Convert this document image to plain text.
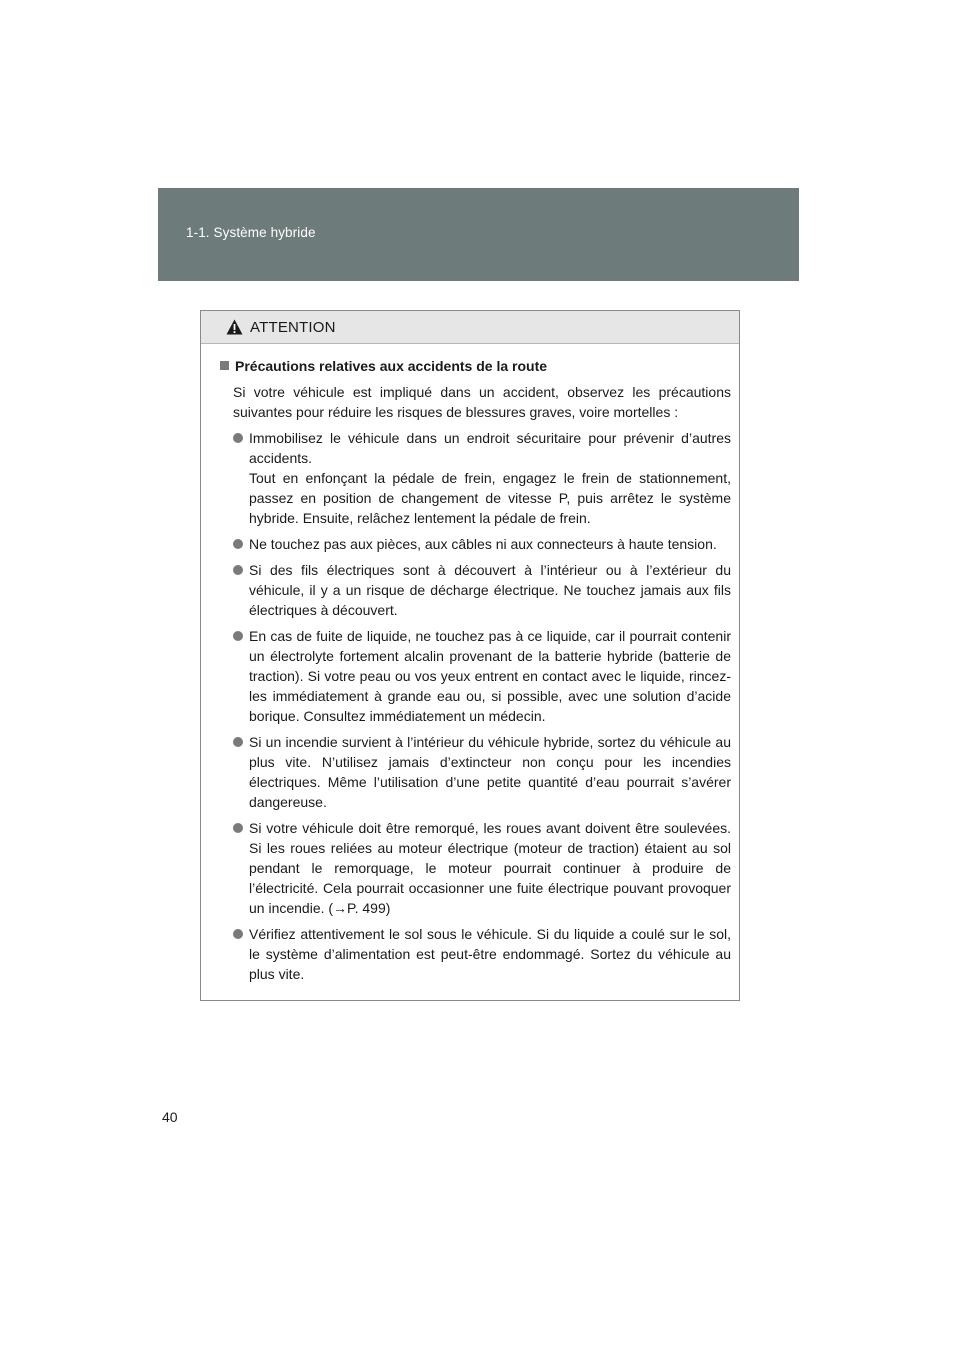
1-1. Système hybride
ATTENTION
Précautions relatives aux accidents de la route
Si votre véhicule est impliqué dans un accident, observez les précautions suivantes pour réduire les risques de blessures graves, voire mortelles :
Immobilisez le véhicule dans un endroit sécuritaire pour prévenir d’autres accidents.
Tout en enfonçant la pédale de frein, engagez le frein de stationnement, passez en position de changement de vitesse P, puis arrêtez le système hybride. Ensuite, relâchez lentement la pédale de frein.
Ne touchez pas aux pièces, aux câbles ni aux connecteurs à haute tension.
Si des fils électriques sont à découvert à l’intérieur ou à l’extérieur du véhicule, il y a un risque de décharge électrique. Ne touchez jamais aux fils électriques à découvert.
En cas de fuite de liquide, ne touchez pas à ce liquide, car il pourrait contenir un électrolyte fortement alcalin provenant de la batterie hybride (batterie de traction). Si votre peau ou vos yeux entrent en contact avec le liquide, rincez-les immédiatement à grande eau ou, si possible, avec une solution d’acide borique. Consultez immédiatement un médecin.
Si un incendie survient à l’intérieur du véhicule hybride, sortez du véhicule au plus vite. N’utilisez jamais d’extincteur non conçu pour les incendies électriques. Même l’utilisation d’une petite quantité d’eau pourrait s’avérer dangereuse.
Si votre véhicule doit être remorqué, les roues avant doivent être soulevées. Si les roues reliées au moteur électrique (moteur de traction) étaient au sol pendant le remorquage, le moteur pourrait continuer à produire de l’électricité. Cela pourrait occasionner une fuite électrique pouvant provoquer un incendie. (→P. 499)
Vérifiez attentivement le sol sous le véhicule. Si du liquide a coulé sur le sol, le système d’alimentation est peut-être endommagé. Sortez du véhicule au plus vite.
40
